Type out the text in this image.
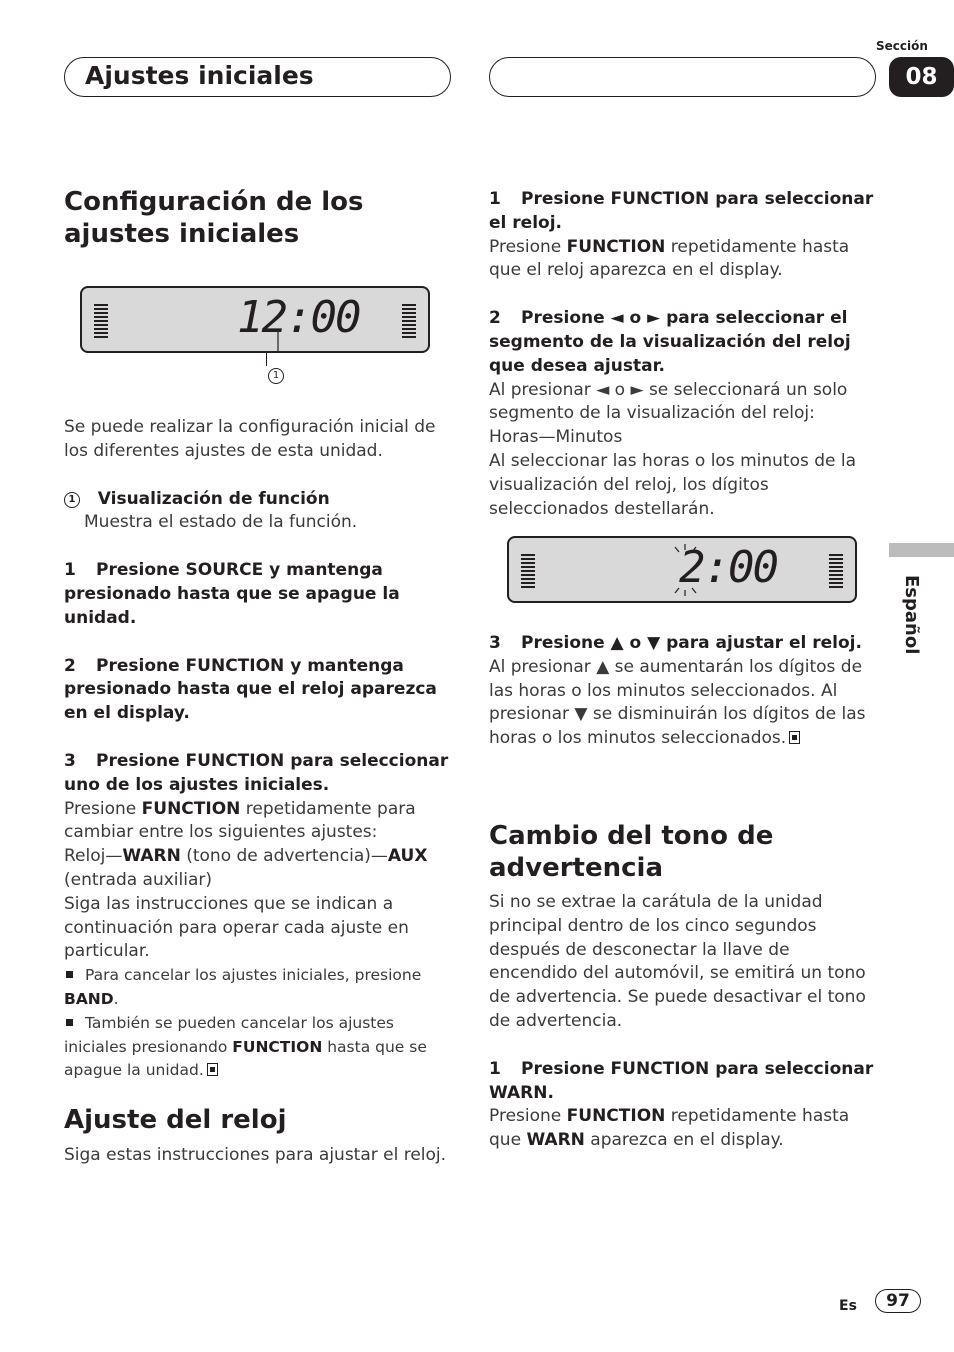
Ajustes iniciales
Sección
08
Español
Configuración de los ajustes iniciales
12:00
1

Se puede realizar la configuración inicial de los diferentes ajustes de esta unidad.

1 Visualización de función

Muestra el estado de la función.

1 Presione SOURCE y mantenga presionado hasta que se apague la unidad.

2 Presione FUNCTION y mantenga presionado hasta que el reloj aparezca en el display.

3 Presione FUNCTION para seleccionar uno de los ajustes iniciales.

Presione FUNCTION repetidamente para cambiar entre los siguientes ajustes:

Reloj—WARN (tono de advertencia)—AUX (entrada auxiliar)

Siga las instrucciones que se indican a continuación para operar cada ajuste en particular.

Para cancelar los ajustes iniciales, presione BAND.

También se pueden cancelar los ajustes iniciales presionando FUNCTION hasta que se apague la unidad.

Ajuste del reloj
Siga estas instrucciones para ajustar el reloj.

1 Presione FUNCTION para seleccionar el reloj.

Presione FUNCTION repetidamente hasta que el reloj aparezca en el display.

2 Presione ◄ o ► para seleccionar el segmento de la visualización del reloj que desea ajustar.

Al presionar ◄ o ► se seleccionará un solo segmento de la visualización del reloj:

Horas—Minutos

Al seleccionar las horas o los minutos de la visualización del reloj, los dígitos seleccionados destellarán.

2:00

3 Presione ▲ o ▼ para ajustar el reloj.

Al presionar ▲ se aumentarán los dígitos de las horas o los minutos seleccionados. Al presionar ▼ se disminuirán los dígitos de las horas o los minutos seleccionados.

Cambio del tono de advertencia

Si no se extrae la carátula de la unidad principal dentro de los cinco segundos después de desconectar la llave de encendido del automóvil, se emitirá un tono de advertencia. Se puede desactivar el tono de advertencia.

1 Presione FUNCTION para seleccionar WARN.

Presione FUNCTION repetidamente hasta que WARN aparezca en el display.

Es	97
